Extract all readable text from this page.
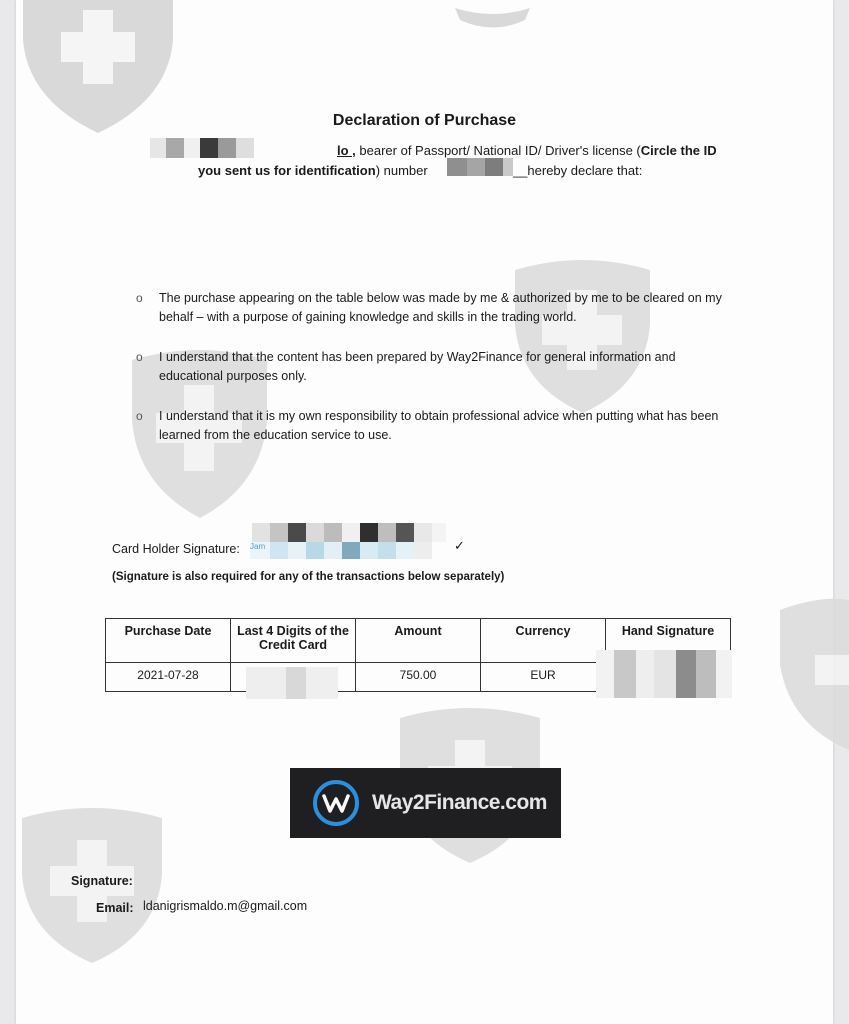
Declaration of Purchase
lo , bearer of Passport/ National ID/ Driver's license (Circle the ID
you sent us for identification) number	__hereby declare that:
o The purchase appearing on the table below was made by me & authorized by me to be cleared on my behalf – with a purpose of gaining knowledge and skills in the trading world.
o I understand that the content has been prepared by Way2Finance for general information and educational purposes only.
o I understand that it is my own responsibility to obtain professional advice when putting what has been learned from the education service to use.
Card Holder Signature: Jam	✓
(Signature is also required for any of the transactions below separately)
Purchase Date	Last 4 Digits of the Credit Card	Amount	Currency	Hand Signature
2021-07-28		750.00	EUR	
Way2Finance.com
Signature:
Email: ldanigrismaldo.m@gmail.com
